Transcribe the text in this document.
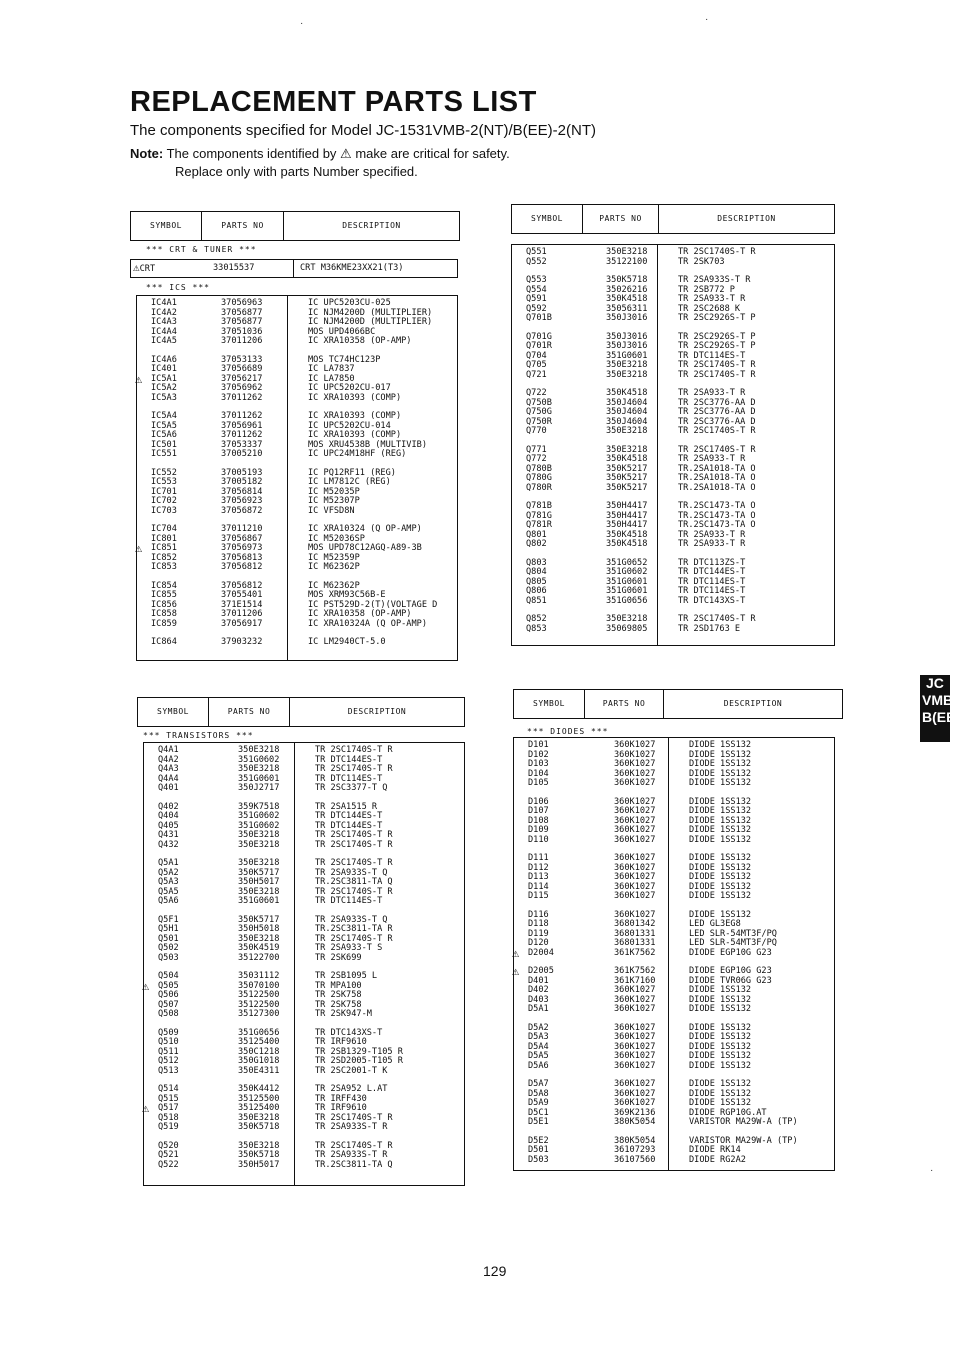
REPLACEMENT PARTS LIST
The components specified for Model JC-1531VMB-2(NT)/B(EE)-2(NT)
Note: The components identified by ⚠ make are critical for safety.
Replace only with parts Number specified.
SYMBOL	PARTS NO	DESCRIPTION
*** CRT & TUNER ***
⚠CRT	33015537	CRT M36KME23XX21(T3)
*** ICS ***
IC4A1	37056963	IC UPC5203CU-025
IC4A2	37056877	IC NJM4200D (MULTIPLIER)
IC4A3	37056877	IC NJM4200D (MULTIPLIER)
IC4A4	37051036	MOS UPD4066BC
IC4A5	37011206	IC XRA10358 (OP-AMP)
IC4A6	37053133	MOS TC74HC123P
IC401	37056689	IC LA7837
⚠ IC5A1	37056217	IC LA7850
IC5A2	37056962	IC UPC5202CU-017
IC5A3	37011262	IC XRA10393 (COMP)
IC5A4	37011262	IC XRA10393 (COMP)
IC5A5	37056961	IC UPC5202CU-014
IC5A6	37011262	IC XRA10393 (COMP)
IC501	37053337	MOS XRU4538B (MULTIVIB)
IC551	37005210	IC UPC24M18HF (REG)
IC552	37005193	IC PQ12RF11 (REG)
IC553	37005182	IC LM7812C (REG)
IC701	37056814	IC M52035P
IC702	37056923	IC M52307P
IC703	37056872	IC VFSD8N
IC704	37011210	IC XRA10324 (Q OP-AMP)
IC801	37056867	IC M52036SP
⚠ IC851	37056973	MOS UPD78C12AGQ-A89-3B
IC852	37056813	IC M52359P
IC853	37056812	IC M62362P
IC854	37056812	IC M62362P
IC855	37055401	MOS XRM93C56B-E
IC856	371E1514	IC PST529D-2(T)(VOLTAGE D
IC858	37011206	IC XRA10358 (OP-AMP)
IC859	37056917	IC XRA10324A (Q OP-AMP)
IC864	37903232	IC LM2940CT-5.0
SYMBOL	PARTS NO	DESCRIPTION
Q551	350E3218	TR 2SC1740S-T R
Q552	35122100	TR 2SK703
Q553	350K5718	TR 2SA933S-T R
Q554	35026216	TR 2SB772 P
Q591	350K4518	TR 2SA933-T R
Q592	35056311	TR 2SC2688 K
Q701B	350J3016	TR 2SC2926S-T P
Q701G	350J3016	TR 2SC2926S-T P
Q701R	350J3016	TR 2SC2926S-T P
Q704	351G0601	TR DTC114ES-T
Q705	350E3218	TR 2SC1740S-T R
Q721	350E3218	TR 2SC1740S-T R
Q722	350K4518	TR 2SA933-T R
Q750B	350J4604	TR 2SC3776-AA D
Q750G	350J4604	TR 2SC3776-AA D
Q750R	350J4604	TR 2SC3776-AA D
Q770	350E3218	TR 2SC1740S-T R
Q771	350E3218	TR 2SC1740S-T R
Q772	350K4518	TR 2SA933-T R
Q780B	350K5217	TR.2SA1018-TA O
Q780G	350K5217	TR.2SA1018-TA O
Q780R	350K5217	TR.2SA1018-TA O
Q781B	350H4417	TR.2SC1473-TA O
Q781G	350H4417	TR.2SC1473-TA O
Q781R	350H4417	TR.2SC1473-TA O
Q801	350K4518	TR 2SA933-T R
Q802	350K4518	TR 2SA933-T R
Q803	351G0652	TR DTC113ZS-T
Q804	351G0602	TR DTC144ES-T
Q805	351G0601	TR DTC114ES-T
Q806	351G0601	TR DTC114ES-T
Q851	351G0656	TR DTC143XS-T
Q852	350E3218	TR 2SC1740S-T R
Q853	35069805	TR 2SD1763 E
SYMBOL	PARTS NO	DESCRIPTION
*** TRANSISTORS ***
Q4A1	350E3218	TR 2SC1740S-T R
Q4A2	351G0602	TR DTC144ES-T
Q4A3	350E3218	TR 2SC1740S-T R
Q4A4	351G0601	TR DTC114ES-T
Q401	350J2717	TR 2SC3377-T Q
Q402	359K7518	TR 2SA1515 R
Q404	351G0602	TR DTC144ES-T
Q405	351G0602	TR DTC144ES-T
Q431	350E3218	TR 2SC1740S-T R
Q432	350E3218	TR 2SC1740S-T R
Q5A1	350E3218	TR 2SC1740S-T R
Q5A2	350K5717	TR 2SA933S-T Q
Q5A3	350H5017	TR.2SC3811-TA Q
Q5A5	350E3218	TR 2SC1740S-T R
Q5A6	351G0601	TR DTC114ES-T
Q5F1	350K5717	TR 2SA933S-T Q
Q5H1	350H5018	TR.2SC3811-TA R
Q501	350E3218	TR 2SC1740S-T R
Q502	350K4519	TR 2SA933-T S
Q503	35122700	TR 2SK699
Q504	35031112	TR 2SB1095 L
⚠ Q505	35070100	TR MPA100
Q506	35122500	TR 2SK758
Q507	35122500	TR 2SK758
Q508	35127300	TR 2SK947-M
Q509	351G0656	TR DTC143XS-T
Q510	35125400	TR IRF9610
Q511	350C1218	TR 2SB1329-T105 R
Q512	350G1018	TR 2SD2005-T105 R
Q513	350E4311	TR 2SC2001-T K
Q514	350K4412	TR 2SA952 L.AT
Q515	35125500	TR IRFF430
⚠ Q517	35125400	TR IRF9610
Q518	350E3218	TR 2SC1740S-T R
Q519	350K5718	TR 2SA933S-T R
Q520	350E3218	TR 2SC1740S-T R
Q521	350K5718	TR 2SA933S-T R
Q522	350H5017	TR.2SC3811-TA Q
SYMBOL	PARTS NO	DESCRIPTION
*** DIODES ***
D101	360K1027	DIODE 1SS132
D102	360K1027	DIODE 1SS132
D103	360K1027	DIODE 1SS132
D104	360K1027	DIODE 1SS132
D105	360K1027	DIODE 1SS132
D106	360K1027	DIODE 1SS132
D107	360K1027	DIODE 1SS132
D108	360K1027	DIODE 1SS132
D109	360K1027	DIODE 1SS132
D110	360K1027	DIODE 1SS132
D111	360K1027	DIODE 1SS132
D112	360K1027	DIODE 1SS132
D113	360K1027	DIODE 1SS132
D114	360K1027	DIODE 1SS132
D115	360K1027	DIODE 1SS132
D116	360K1027	DIODE 1SS132
D118	36801342	LED GL3EG8
D119	36801331	LED SLR-54MT3F/PQ
D120	36801331	LED SLR-54MT3F/PQ
⚠ D2004	361K7562	DIODE EGP10G G23
⚠ D2005	361K7562	DIODE EGP10G G23
D401	361K7160	DIODE TVR06G G23
D402	360K1027	DIODE 1SS132
D403	360K1027	DIODE 1SS132
D5A1	360K1027	DIODE 1SS132
D5A2	360K1027	DIODE 1SS132
D5A3	360K1027	DIODE 1SS132
D5A4	360K1027	DIODE 1SS132
D5A5	360K1027	DIODE 1SS132
D5A6	360K1027	DIODE 1SS132
D5A7	360K1027	DIODE 1SS132
D5A8	360K1027	DIODE 1SS132
D5A9	360K1027	DIODE 1SS132
D5C1	369K2136	DIODE RGP10G.AT
D5E1	380K5054	VARISTOR MA29W-A (TP)
D5E2	380K5054	VARISTOR MA29W-A (TP)
D501	36107293	DIODE RK14
D503	36107560	DIODE RG2A2
129
JC
VMB-
B(EE)-
·	·
·
